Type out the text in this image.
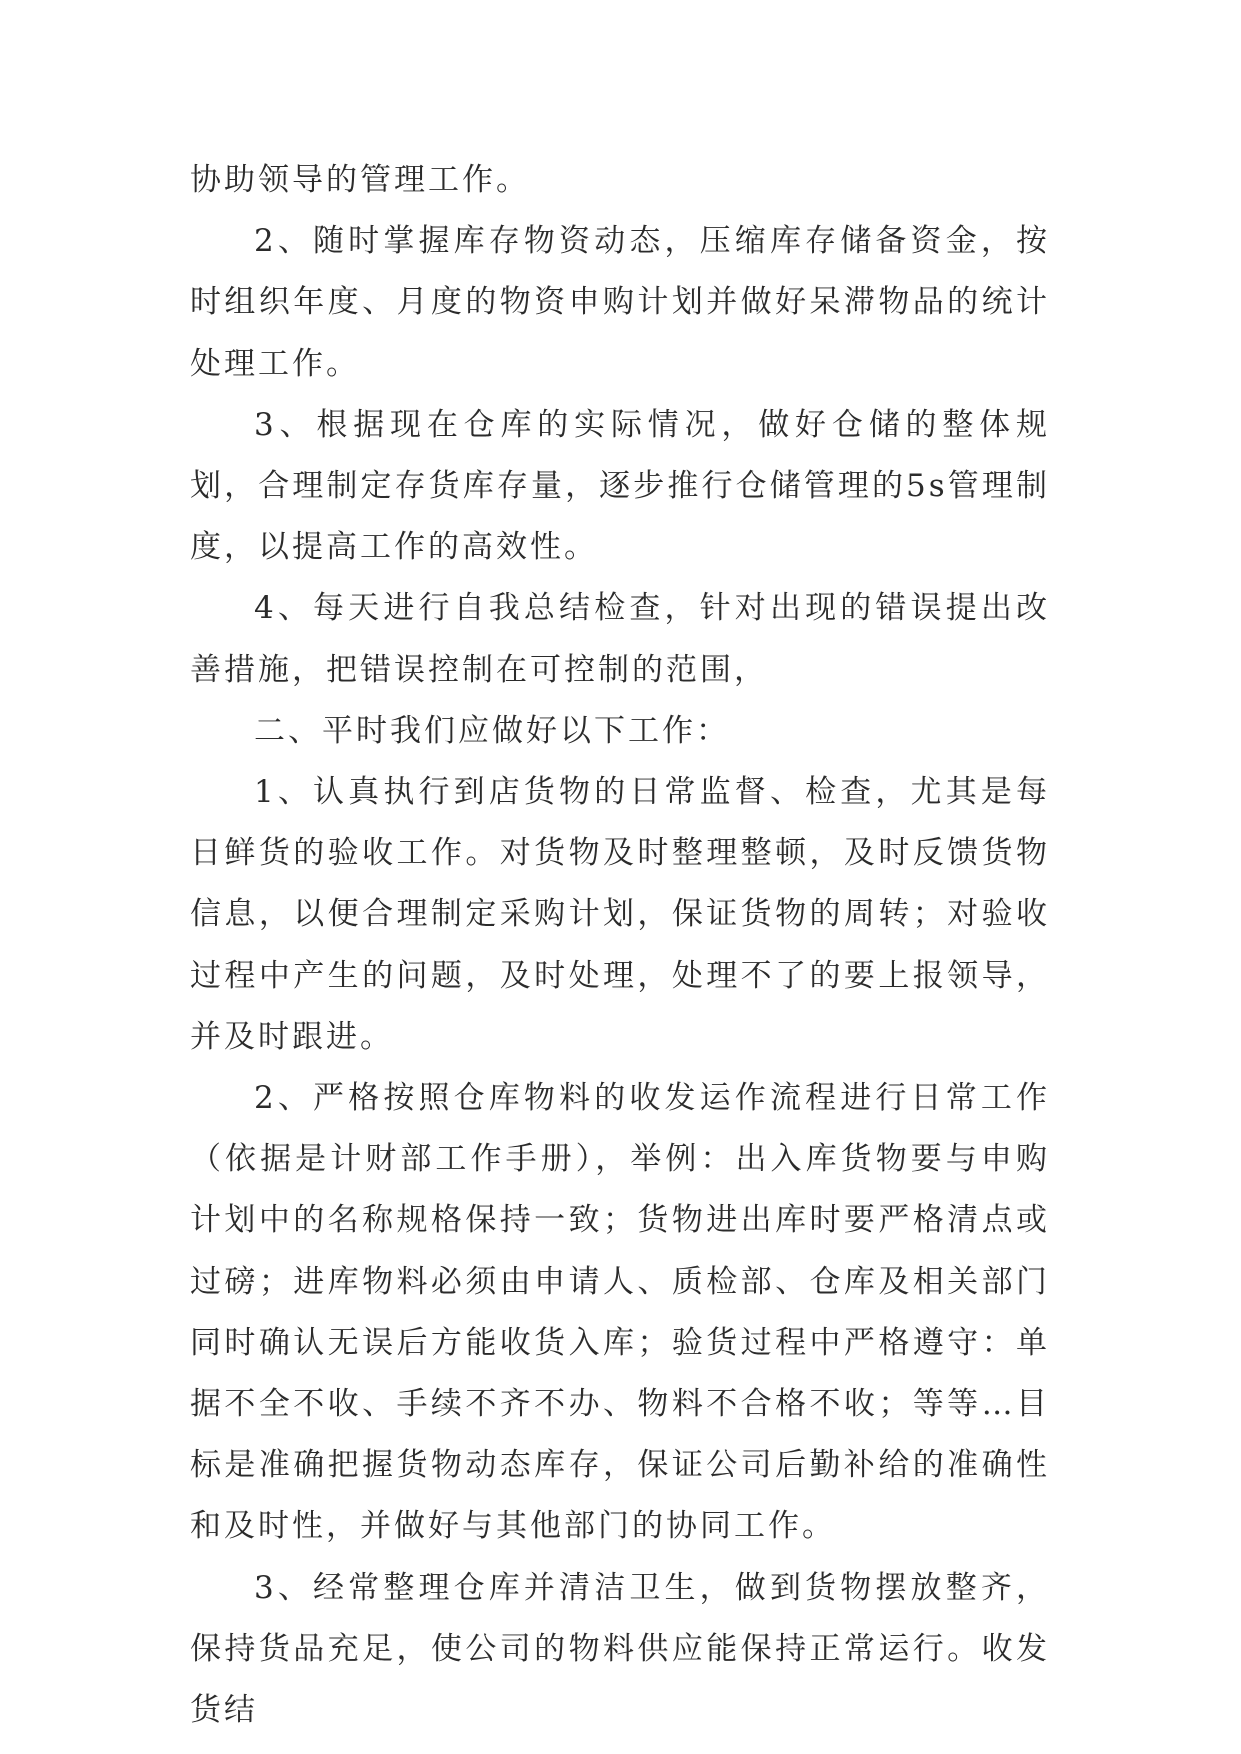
协助领导的管理工作。

2、随时掌握库存物资动态，压缩库存储备资金，按时组织年度、月度的物资申购计划并做好呆滞物品的统计处理工作。

3、根据现在仓库的实际情况，做好仓储的整体规划，合理制定存货库存量，逐步推行仓储管理的5s管理制度，以提高工作的高效性。

4、每天进行自我总结检查，针对出现的错误提出改善措施，把错误控制在可控制的范围，

二、平时我们应做好以下工作：

1、认真执行到店货物的日常监督、检查，尤其是每日鲜货的验收工作。对货物及时整理整顿，及时反馈货物信息，以便合理制定采购计划，保证货物的周转；对验收过程中产生的问题，及时处理，处理不了的要上报领导，并及时跟进。

2、严格按照仓库物料的收发运作流程进行日常工作（依据是计财部工作手册），举例：出入库货物要与申购计划中的名称规格保持一致；货物进出库时要严格清点或过磅；进库物料必须由申请人、质检部、仓库及相关部门同时确认无误后方能收货入库；验货过程中严格遵守：单据不全不收、手续不齐不办、物料不合格不收；等等…目标是准确把握货物动态库存，保证公司后勤补给的准确性和及时性，并做好与其他部门的协同工作。

3、经常整理仓库并清洁卫生，做到货物摆放整齐，保持货品充足，使公司的物料供应能保持正常运行。收发货结
